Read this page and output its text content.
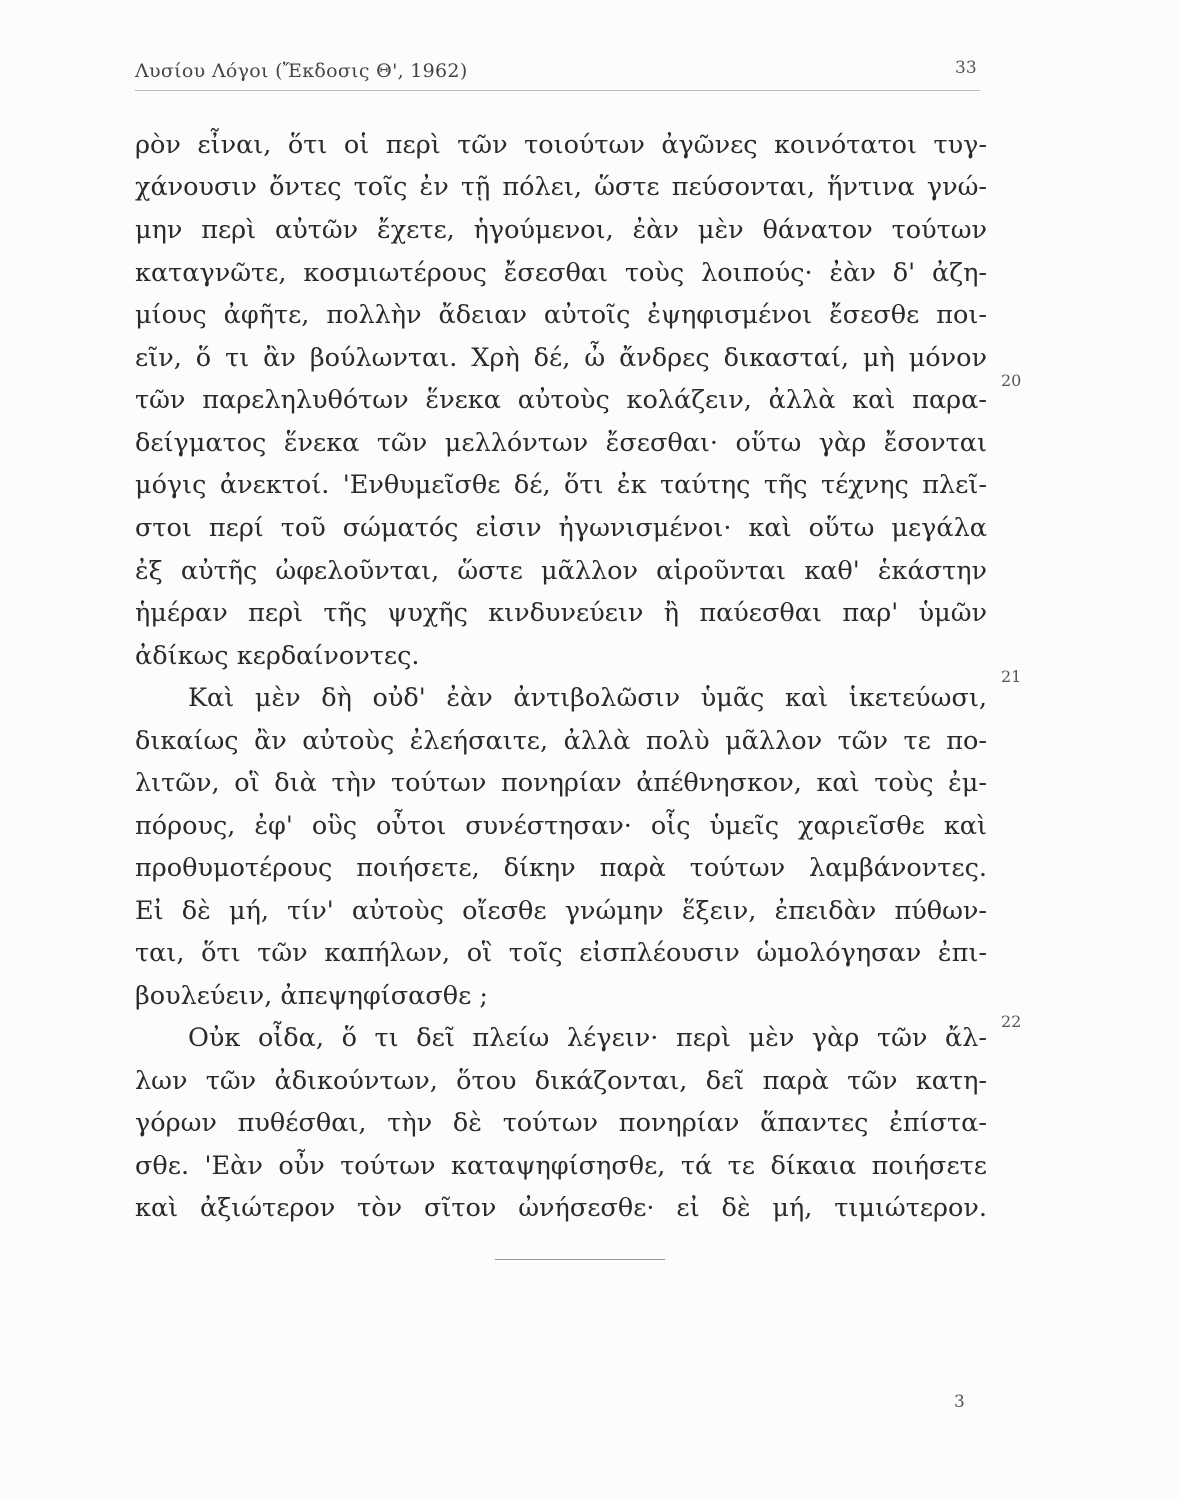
Λυσίου Λόγοι (Ἔκδοσις Θ', 1962)	33
ρὸν εἶναι, ὅτι οἱ περὶ τῶν τοιούτων ἀγῶνες κοινότατοι τυγ-
χάνουσιν ὄντες τοῖς ἐν τῇ πόλει, ὥστε πεύσονται, ἥντινα γνώ-
μην περὶ αὐτῶν ἔχετε, ἡγούμενοι, ἐὰν μὲν θάνατον τούτων
καταγνῶτε, κοσμιωτέρους ἔσεσθαι τοὺς λοιπούς· ἐὰν δ' ἀζη-
μίους ἀφῆτε, πολλὴν ἄδειαν αὐτοῖς ἐψηφισμένοι ἔσεσθε ποι-
εῖν, ὅ τι ἂν βούλωνται. Χρὴ δέ, ὦ ἄνδρες δικασταί, μὴ μόνον
τῶν παρεληλυθότων ἕνεκα αὐτοὺς κολάζειν, ἀλλὰ καὶ παρα-
δείγματος ἕνεκα τῶν μελλόντων ἔσεσθαι· οὕτω γὰρ ἔσονται
μόγις ἀνεκτοί. 'Ενθυμεῖσθε δέ, ὅτι ἐκ ταύτης τῆς τέχνης πλεῖ-
στοι περί τοῦ σώματός εἰσιν ἠγωνισμένοι· καὶ οὕτω μεγάλα
ἐξ αὐτῆς ὠφελοῦνται, ὥστε μᾶλλον αἱροῦνται καθ' ἑκάστην
ἡμέραν περὶ τῆς ψυχῆς κινδυνεύειν ἢ παύεσθαι παρ' ὑμῶν
ἀδίκως κερδαίνοντες.
Καὶ μὲν δὴ οὐδ' ἐὰν ἀντιβολῶσιν ὑμᾶς καὶ ἱκετεύωσι,
δικαίως ἂν αὐτοὺς ἐλεήσαιτε, ἀλλὰ πολὺ μᾶλλον τῶν τε πο-
λιτῶν, οἳ διὰ τὴν τούτων πονηρίαν ἀπέθνησκον, καὶ τοὺς ἐμ-
πόρους, ἐφ' οὓς οὗτοι συνέστησαν· οἷς ὑμεῖς χαριεῖσθε καὶ
προθυμοτέρους ποιήσετε, δίκην παρὰ τούτων λαμβάνοντες.
Εἰ δὲ μή, τίν' αὐτοὺς οἴεσθε γνώμην ἕξειν, ἐπειδὰν πύθων-
ται, ὅτι τῶν καπήλων, οἳ τοῖς εἰσπλέουσιν ὡμολόγησαν ἐπι-
βουλεύειν, ἀπεψηφίσασθε ;
Οὐκ οἶδα, ὅ τι δεῖ πλείω λέγειν· περὶ μὲν γὰρ τῶν ἄλ-
λων τῶν ἀδικούντων, ὅτου δικάζονται, δεῖ παρὰ τῶν κατη-
γόρων πυθέσθαι, τὴν δὲ τούτων πονηρίαν ἅπαντες ἐπίστα-
σθε. 'Εὰν οὖν τούτων καταψηφίσησθε, τά τε δίκαια ποιήσετε
καὶ ἀξιώτερον τὸν σῖτον ὠνήσεσθε· εἰ δὲ μή, τιμιώτερον.
20
21
22
3
